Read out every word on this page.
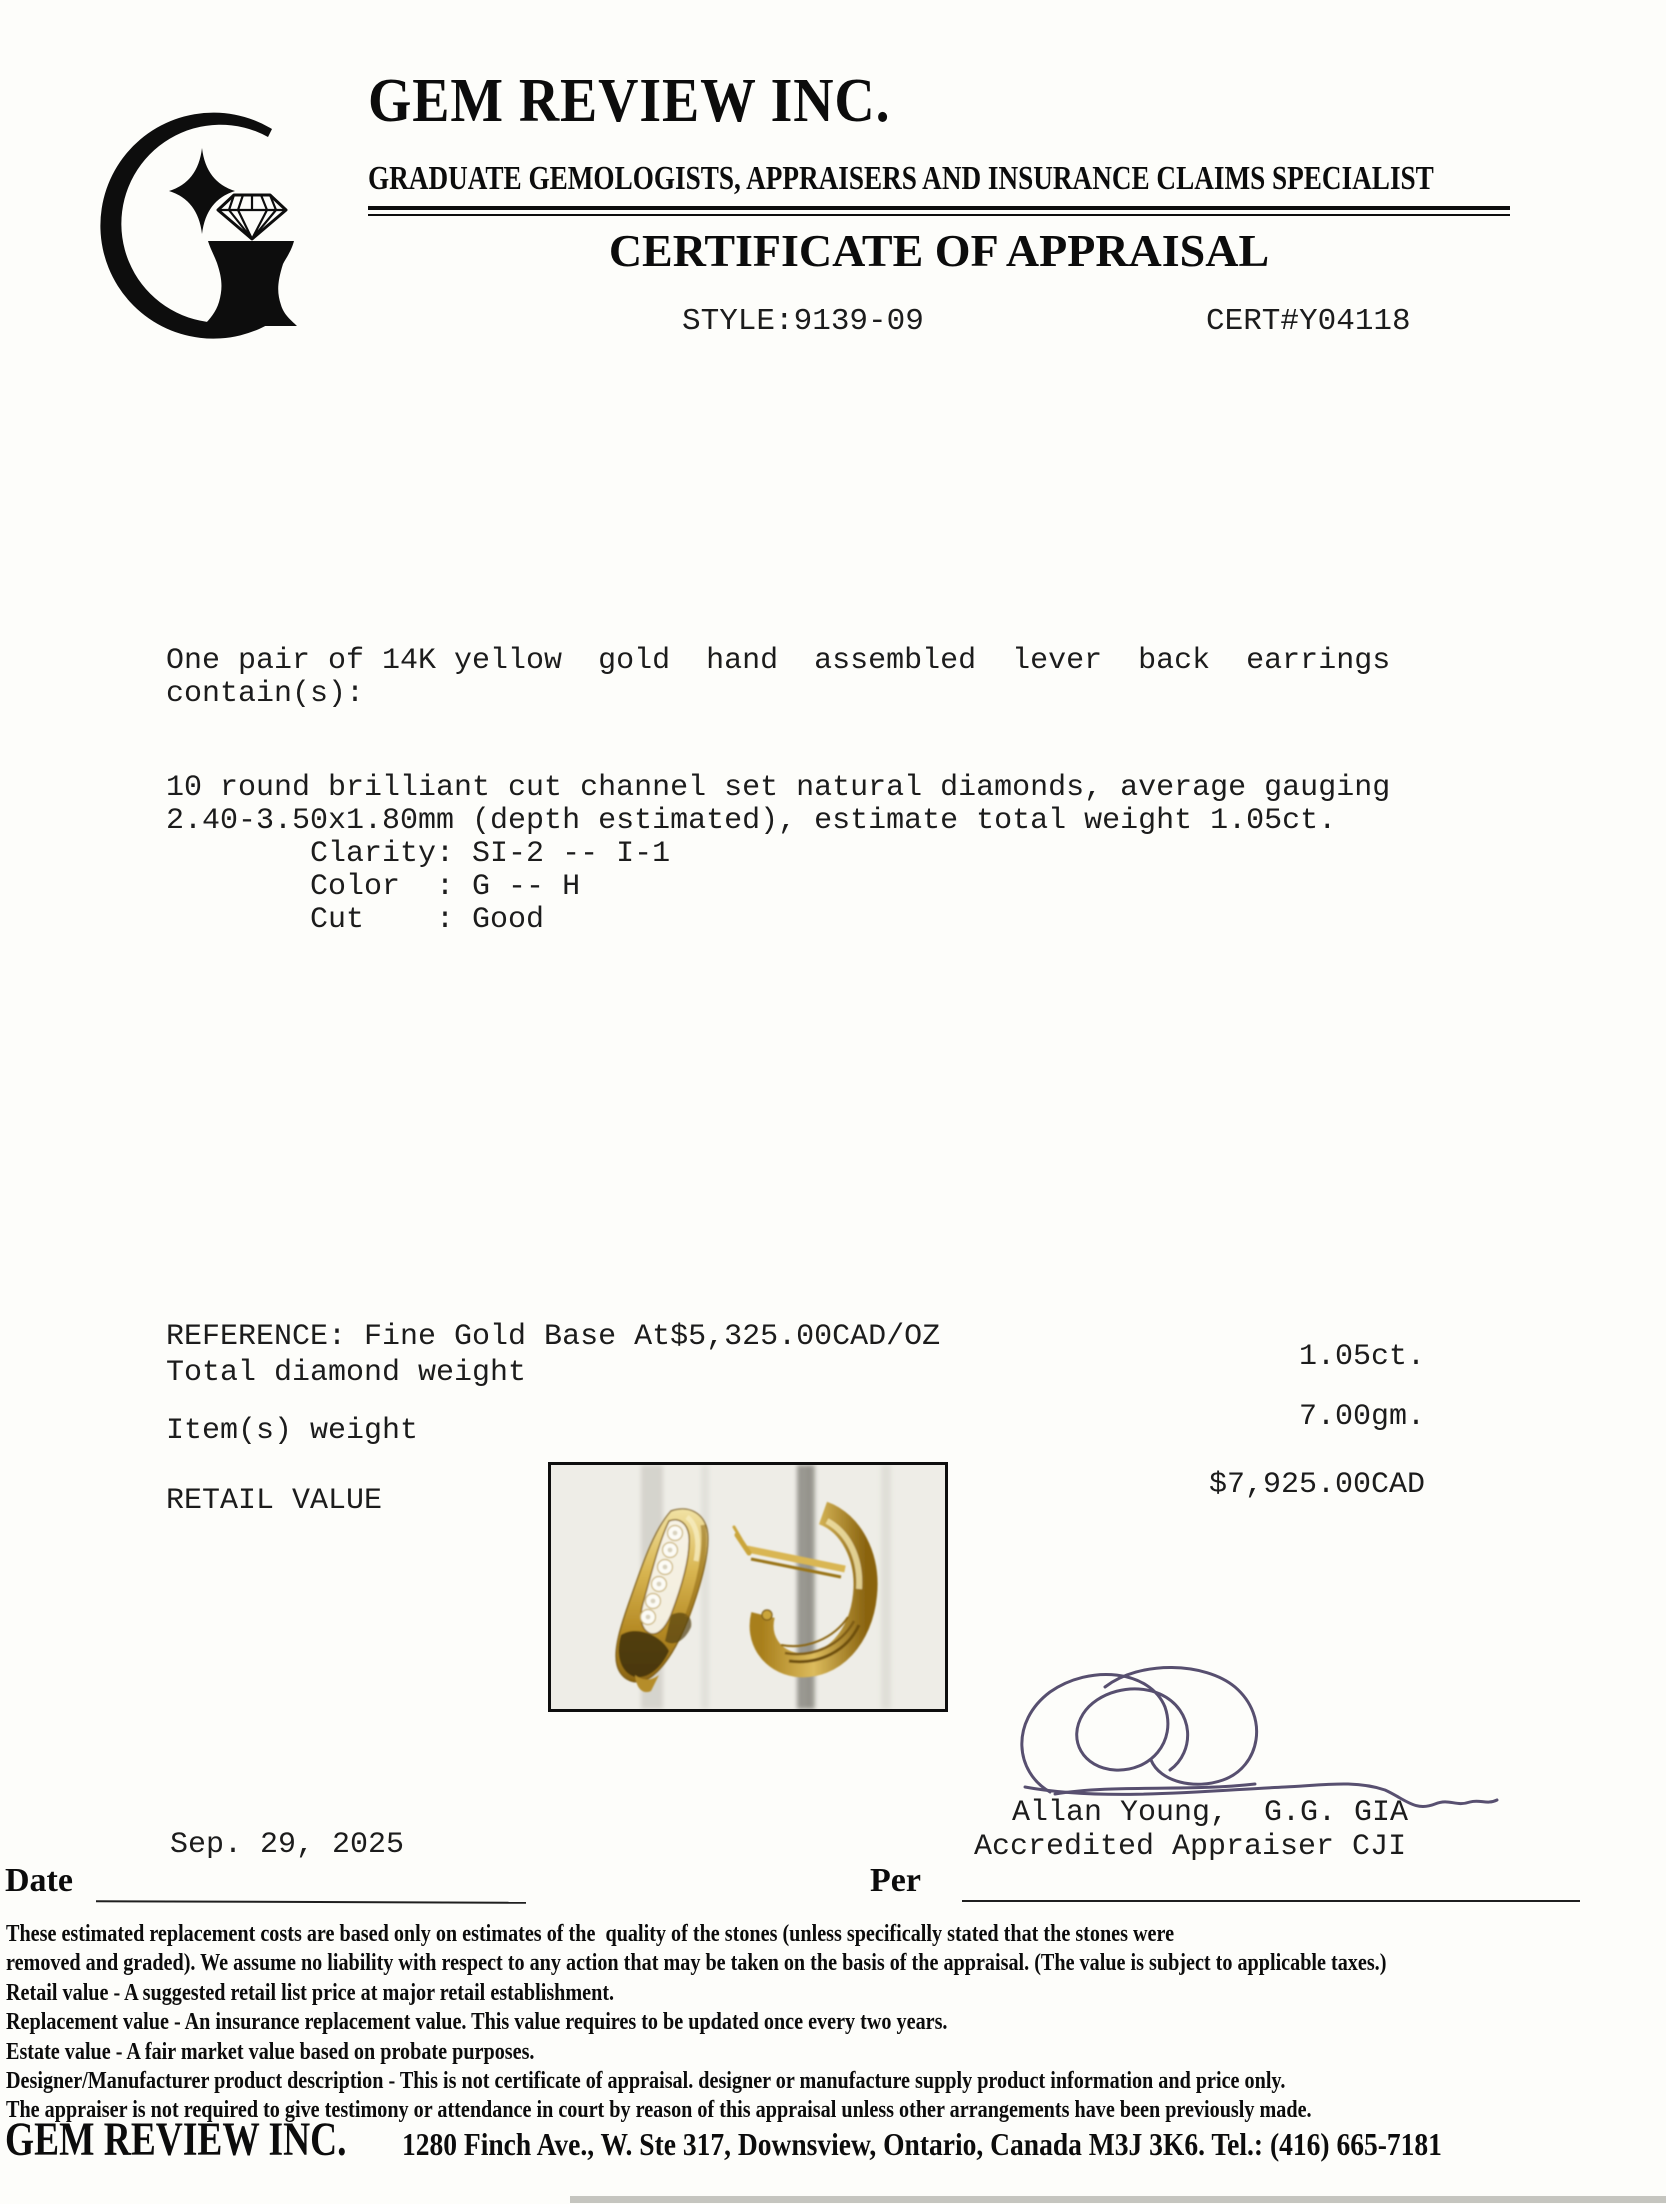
GEM REVIEW INC.
GRADUATE GEMOLOGISTS, APPRAISERS AND INSURANCE CLAIMS SPECIALIST
CERTIFICATE OF APPRAISAL
STYLE:9139-09	CERT#Y04118
One pair of 14K yellow  gold  hand  assembled  lever  back  earrings
contain(s):
10 round brilliant cut channel set natural diamonds, average gauging
2.40-3.50x1.80mm (depth estimated), estimate total weight 1.05ct.
Clarity: SI-2 -- I-1
Color  : G -- H
Cut    : Good
REFERENCE: Fine Gold Base At$5,325.00CAD/OZ
Total diamond weight	1.05ct.
Item(s) weight	7.00gm.
RETAIL VALUE	$7,925.00CAD
Allan Young,  G.G. GIA
Accredited Appraiser CJI
Sep. 29, 2025
Date	Per
These estimated replacement costs are based only on estimates of the  quality of the stones (unless specifically stated that the stones were
removed and graded). We assume no liability with respect to any action that may be taken on the basis of the appraisal. (The value is subject to applicable taxes.)
Retail value - A suggested retail list price at major retail establishment.
Replacement value - An insurance replacement value. This value requires to be updated once every two years.
Estate value - A fair market value based on probate purposes.
Designer/Manufacturer product description - This is not certificate of appraisal. designer or manufacture supply product information and price only.
The appraiser is not required to give testimony or attendance in court by reason of this appraisal unless other arrangements have been previously made.
GEM REVIEW INC. 1280 Finch Ave., W. Ste 317, Downsview, Ontario, Canada M3J 3K6. Tel.: (416) 665-7181
